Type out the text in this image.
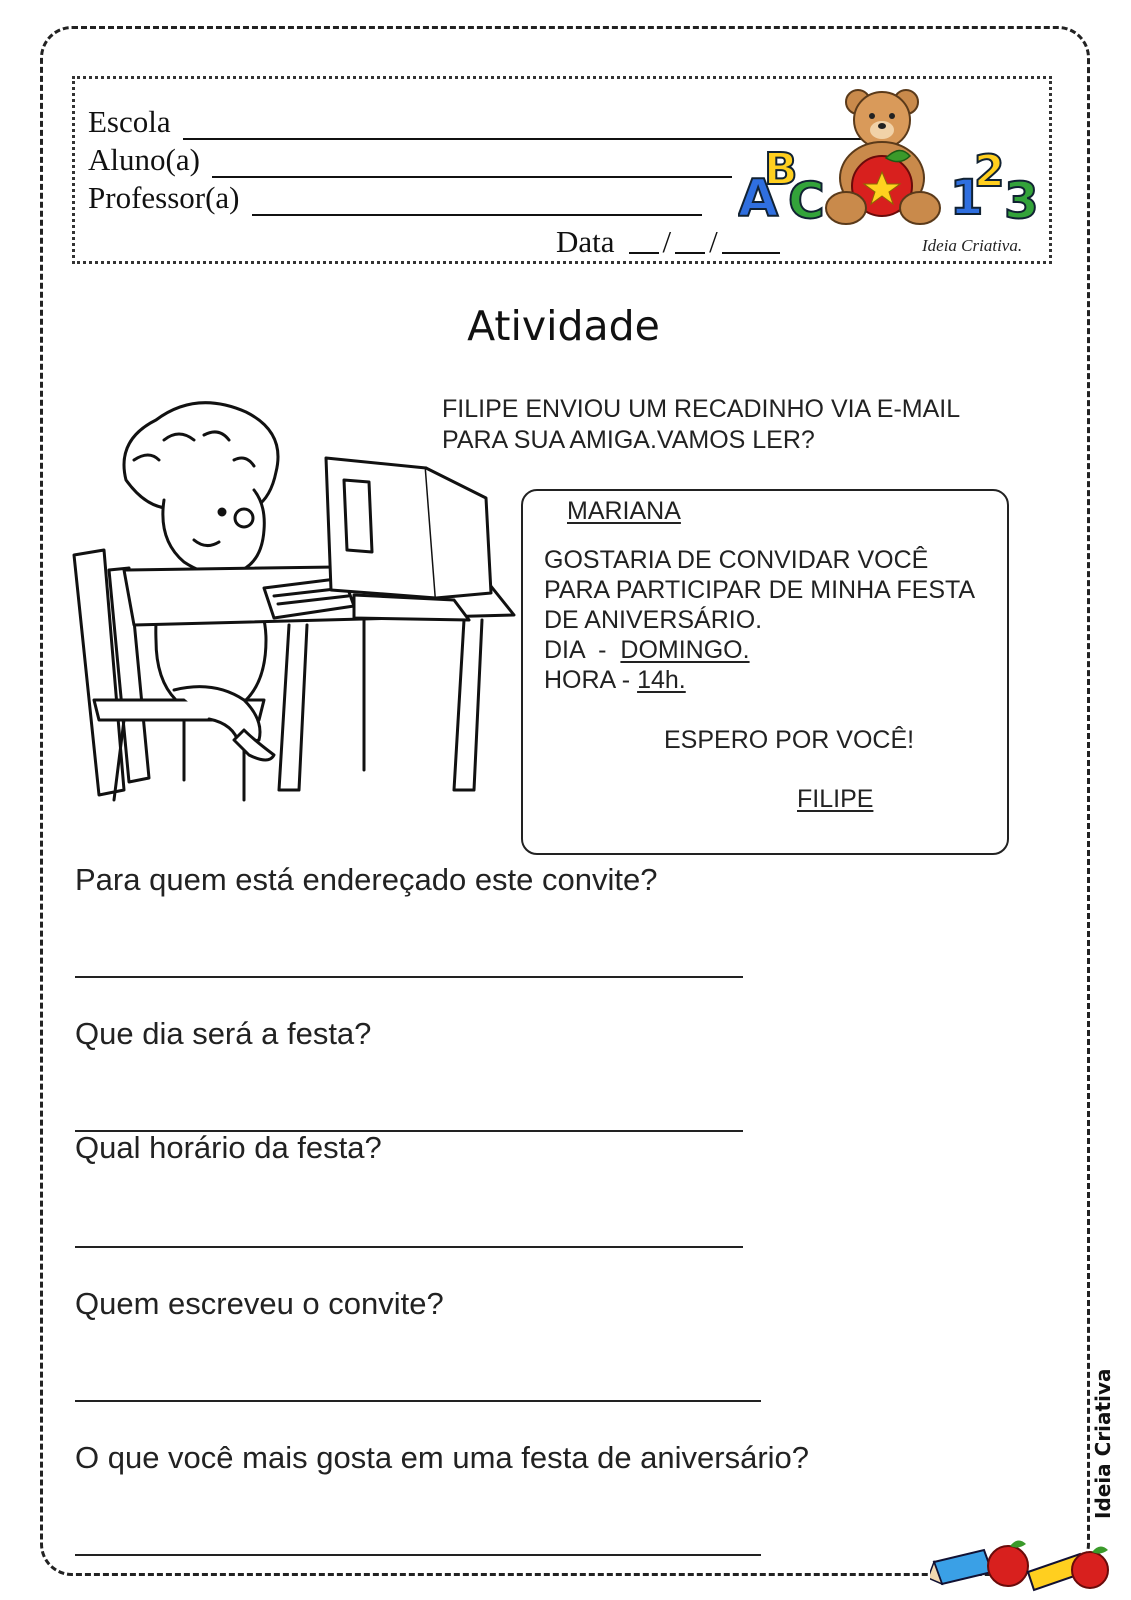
Escola
Aluno(a)
Professor(a)
Data / /
A
B
C	1
2
3
Ideia Criativa.
Atividade
FILIPE ENVIOU UM RECADINHO VIA E-MAIL
PARA SUA AMIGA.VAMOS LER?
MARIANA
GOSTARIA DE CONVIDAR VOCÊ
PARA PARTICIPAR DE MINHA FESTA
DE ANIVERSÁRIO.
DIA  -  DOMINGO.
HORA - 14h.
ESPERO POR VOCÊ!
FILIPE
Para quem está endereçado este convite?
Que dia será a festa?
Qual horário da festa?
Quem escreveu o convite?
O que você mais gosta em uma festa de aniversário?	Ideia Criativa
